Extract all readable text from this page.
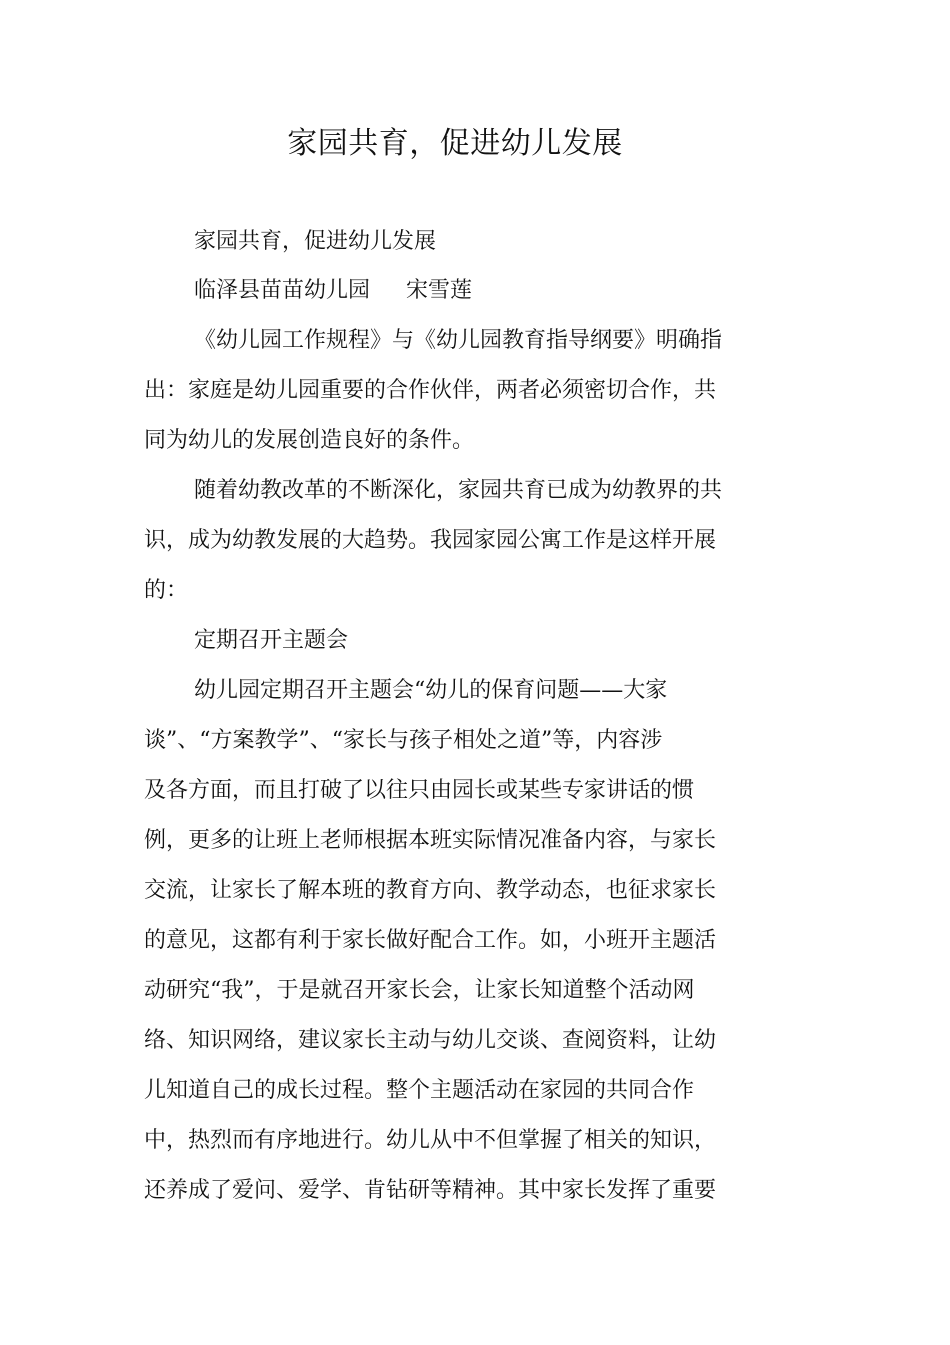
家园共育，促进幼儿发展

家园共育，促进幼儿发展

临泽县苗苗幼儿园 宋雪莲

《幼儿园工作规程》与《幼儿园教育指导纲要》明确指

出：家庭是幼儿园重要的合作伙伴，两者必须密切合作，共

同为幼儿的发展创造良好的条件。

随着幼教改革的不断深化，家园共育已成为幼教界的共

识，成为幼教发展的大趋势。我园家园公寓工作是这样开展

的：

定期召开主题会

幼儿园定期召开主题会“幼儿的保育问题——大家

谈”、“方案教学”、“家长与孩子相处之道”等，内容涉

及各方面，而且打破了以往只由园长或某些专家讲话的惯

例，更多的让班上老师根据本班实际情况准备内容，与家长

交流，让家长了解本班的教育方向、教学动态，也征求家长

的意见，这都有利于家长做好配合工作。如，小班开主题活

动研究“我”，于是就召开家长会，让家长知道整个活动网

络、知识网络，建议家长主动与幼儿交谈、查阅资料，让幼

儿知道自己的成长过程。整个主题活动在家园的共同合作

中，热烈而有序地进行。幼儿从中不但掌握了相关的知识，

还养成了爱问、爱学、肯钻研等精神。其中家长发挥了重要
